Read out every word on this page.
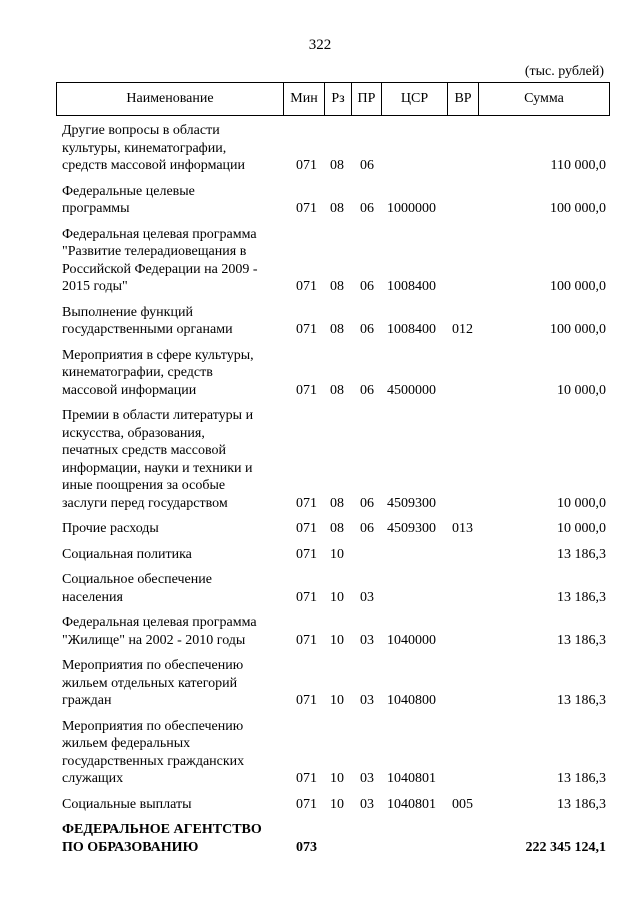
322
(тыс. рублей)
Наименование	Мин Рз ПР	ЦСР	ВР	Сумма
Другие вопросы в области
культуры, кинематографии,
средств массовой информации	071 08 06	110 000,0
Федеральные целевые
программы	071 08 06 1000000	100 000,0
Федеральная целевая программа
"Развитие телерадиовещания в
Российской Федерации на 2009 -
2015 годы"	071 08 06 1008400	100 000,0
Выполнение функций
государственными органами	071 08 06 1008400 012	100 000,0
Мероприятия в сфере культуры,
кинематографии, средств
массовой информации	071 08 06 4500000	10 000,0
Премии в области литературы и
искусства, образования,
печатных средств массовой
информации, науки и техники и
иные поощрения за особые
заслуги перед государством	071 08 06 4509300	10 000,0
Прочие расходы	071 08 06 4509300 013	10 000,0
Социальная политика	071 10	13 186,3
Социальное обеспечение
населения	071 10 03	13 186,3
Федеральная целевая программа
"Жилище" на 2002 - 2010 годы	071 10 03 1040000	13 186,3
Мероприятия по обеспечению
жильем отдельных категорий
граждан	071 10 03 1040800	13 186,3
Мероприятия по обеспечению
жильем федеральных
государственных гражданских
служащих	071 10 03 1040801	13 186,3
Социальные выплаты	071 10 03 1040801 005	13 186,3
ФЕДЕРАЛЬНОЕ АГЕНТСТВО
ПО ОБРАЗОВАНИЮ	073	222 345 124,1
